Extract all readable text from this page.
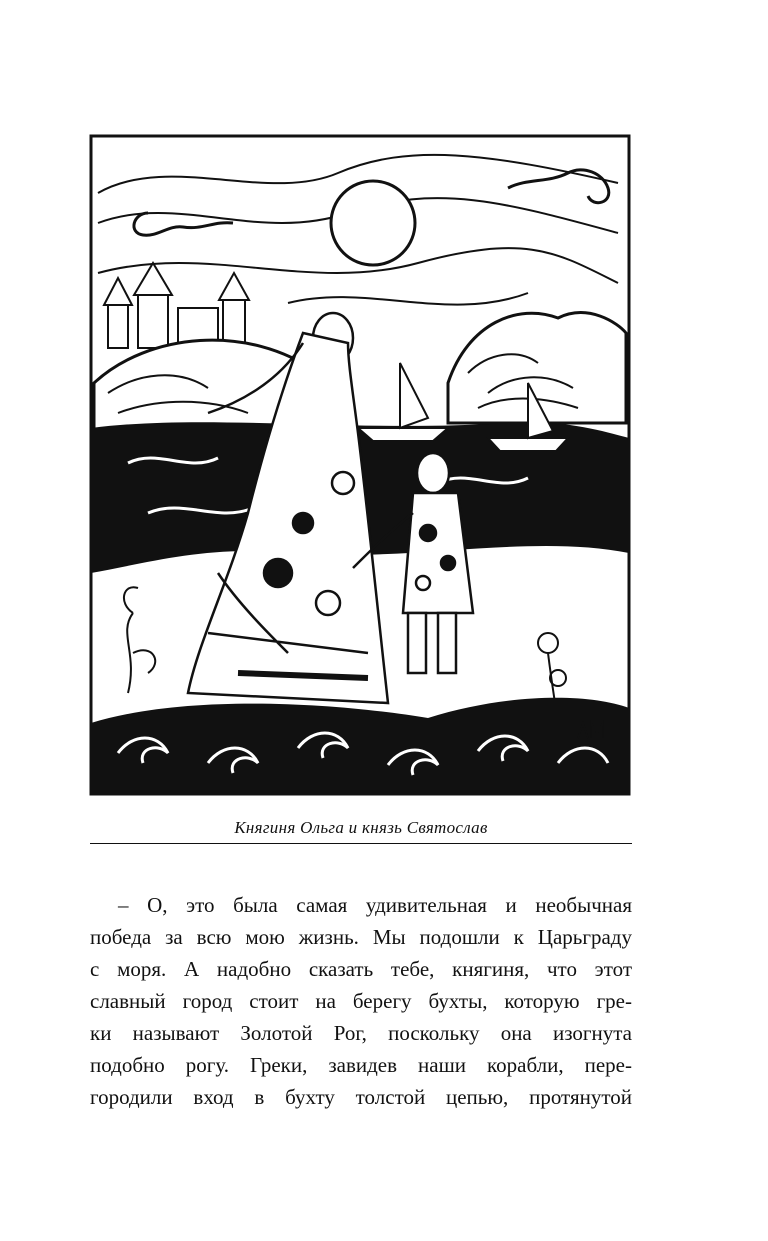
Княгиня Ольга и князь Святослав
– О, это была самая удивительная и необычная
победа за всю мою жизнь. Мы подошли к Царьграду
с моря. А надобно сказать тебе, княгиня, что этот
славный город стоит на берегу бухты, которую гре-
ки называют Золотой Рог, поскольку она изогнута
подобно рогу. Греки, завидев наши корабли, пере-
городили вход в бухту толстой цепью, протянутой
